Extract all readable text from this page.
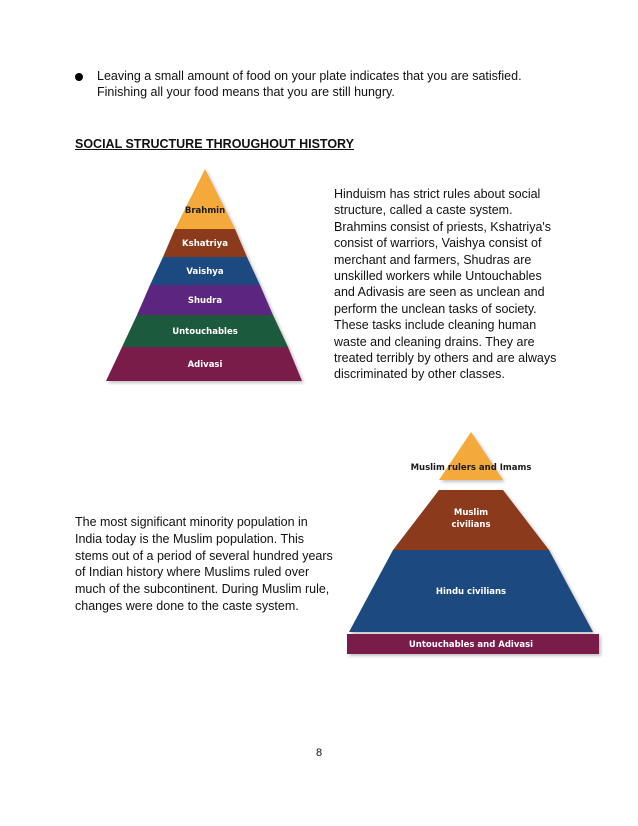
Leaving a small amount of food on your plate indicates that you are satisfied.
Finishing all your food means that you are still hungry.
SOCIAL STRUCTURE THROUGHOUT HISTORY
Brahmin
Kshatriya
Vaishya
Shudra
Untouchables
Adivasi
Hinduism has strict rules about social
structure, called a caste system.
Brahmins consist of priests, Kshatriya's
consist of warriors, Vaishya consist of
merchant and farmers, Shudras are
unskilled workers while Untouchables
and Adivasis are seen as unclean and
perform the unclean tasks of society.
These tasks include cleaning human
waste and cleaning drains. They are
treated terribly by others and are always
discriminated by other classes.
Muslim rulers and Imams
Muslim
civilians
Hindu civilians
Untouchables and Adivasi
The most significant minority population in
India today is the Muslim population. This
stems out of a period of several hundred years
of Indian history where Muslims ruled over
much of the subcontinent. During Muslim rule,
changes were done to the caste system.
8
